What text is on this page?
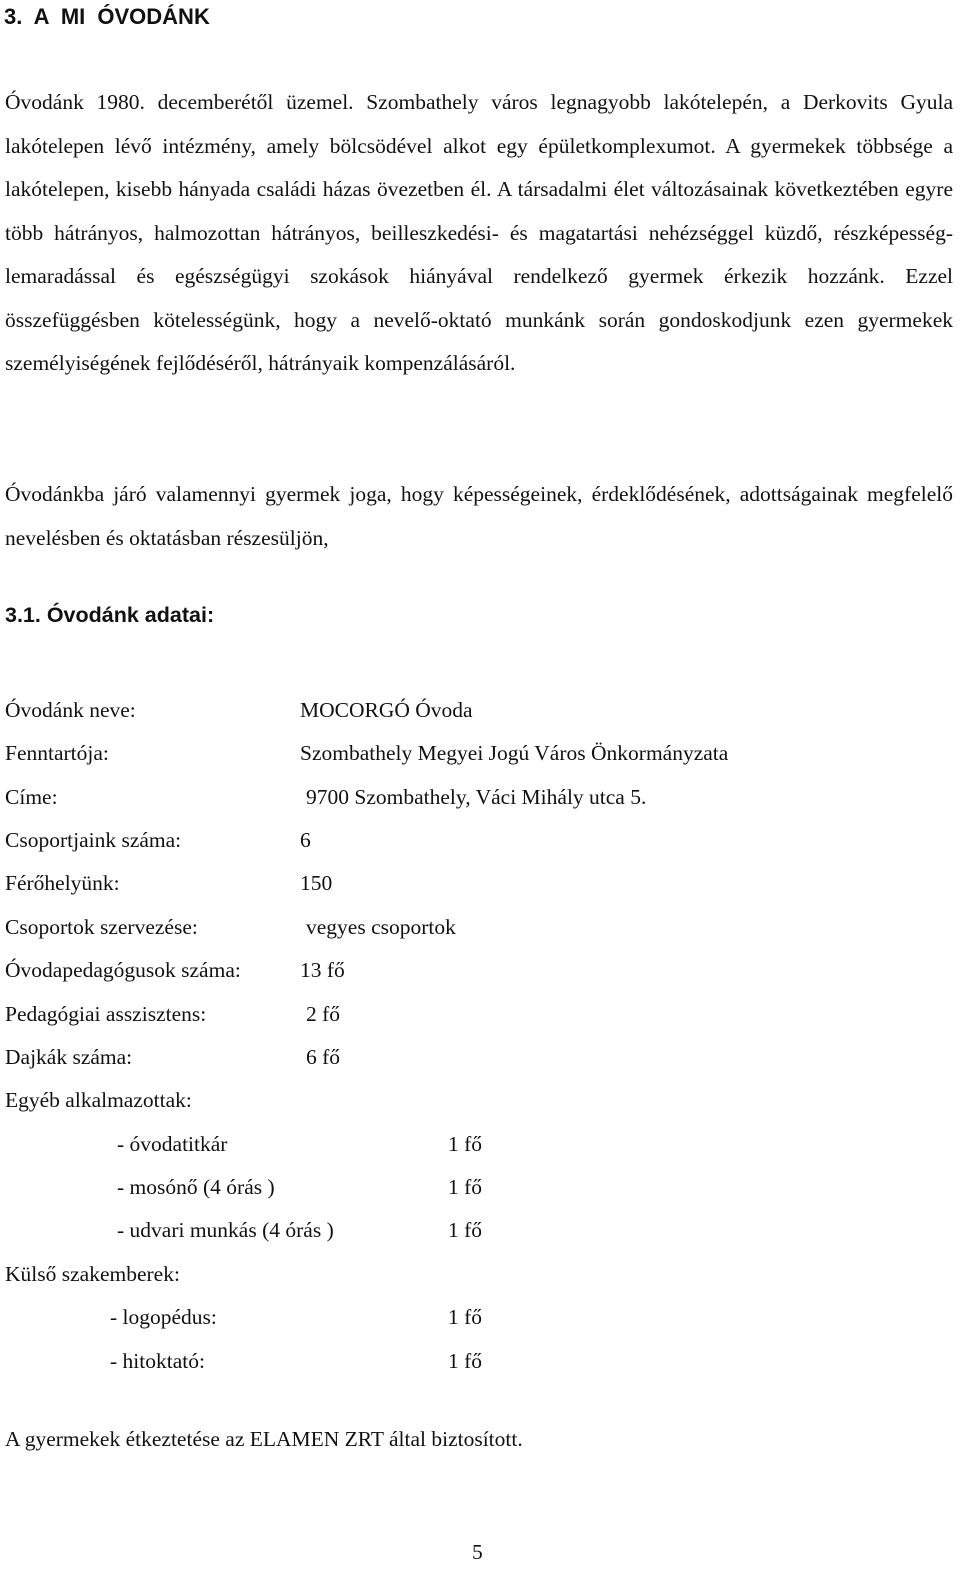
3. A MI ÓVODÁNK

Óvodánk 1980. decemberétől üzemel. Szombathely város legnagyobb lakótelepén, a Derkovits Gyula lakótelepen lévő intézmény, amely bölcsödével alkot egy épületkomplexumot. A gyermekek többsége a lakótelepen, kisebb hányada családi házas övezetben él. A társadalmi élet változásainak következtében egyre több hátrányos, halmozottan hátrányos, beilleszkedési- és magatartási nehézséggel küzdő, részképesség-lemaradással és egészségügyi szokások hiányával rendelkező gyermek érkezik hozzánk. Ezzel összefüggésben kötelességünk, hogy a nevelő-oktató munkánk során gondoskodjunk ezen gyermekek személyiségének fejlődéséről, hátrányaik kompenzálásáról.

Óvodánkba járó valamennyi gyermek joga, hogy képességeinek, érdeklődésének, adottságainak megfelelő nevelésben és oktatásban részesüljön,

3.1. Óvodánk adatai:
Óvodánk neve:	MOCORGÓ Óvoda
Fenntartója:	Szombathely Megyei Jogú Város Önkormányzata
Címe:	9700 Szombathely, Váci Mihály utca 5.
Csoportjaink száma:	6
Férőhelyünk:	150
Csoportok szervezése:	vegyes csoportok
Óvodapedagógusok száma:	13 fő
Pedagógiai asszisztens:	2 fő
Dajkák száma:	6 fő
Egyéb alkalmazottak:
- óvodatitkár	1 fő
- mosónő (4 órás )	1 fő
- udvari munkás (4 órás )	1 fő
Külső szakemberek:
- logopédus:	1 fő
- hitoktató:	1 fő
A gyermekek étkeztetése az ELAMEN ZRT által biztosított.
5
